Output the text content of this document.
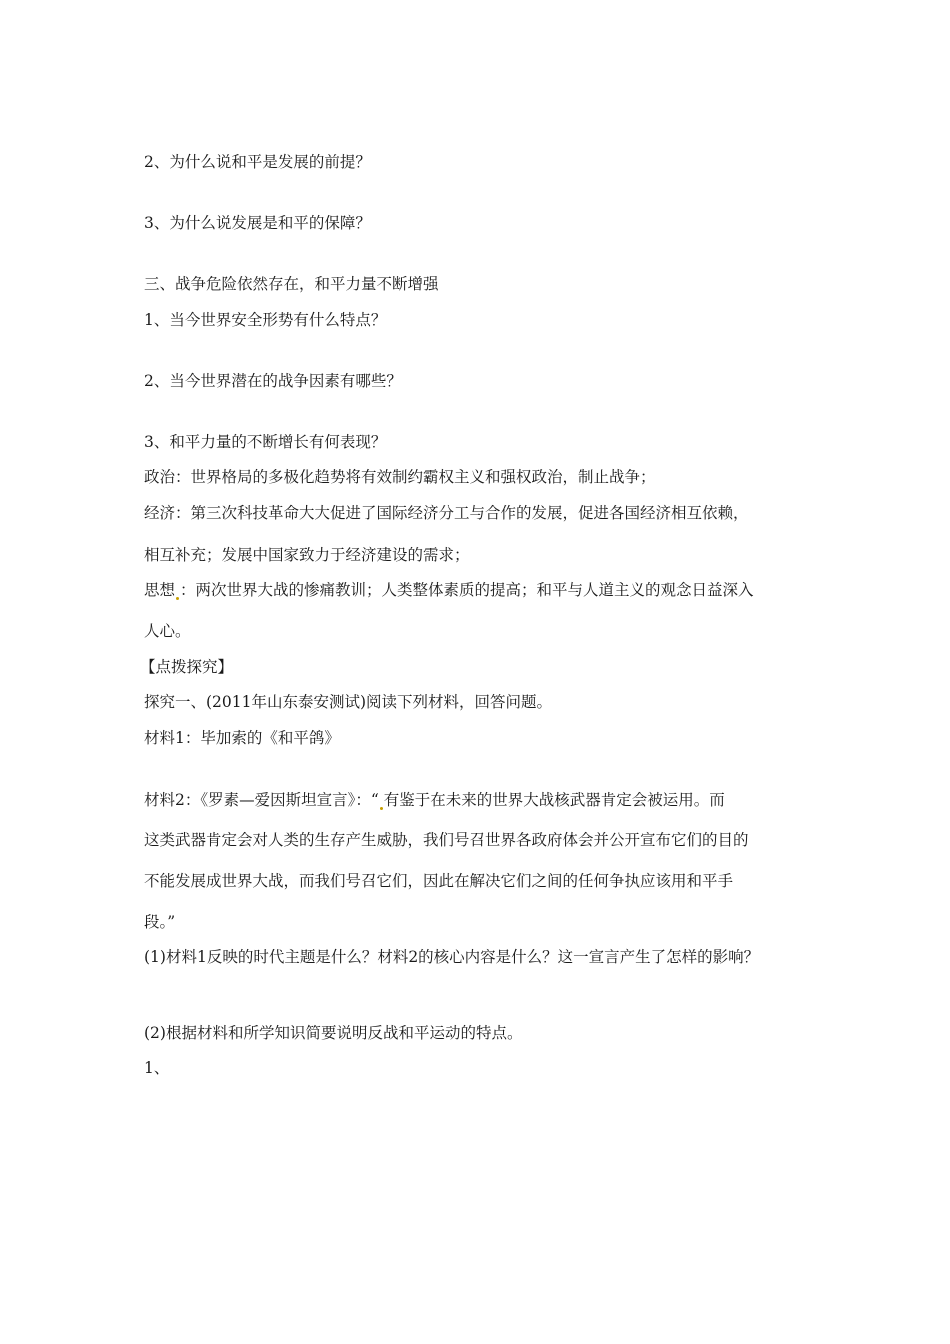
2、为什么说和平是发展的前提？
3、为什么说发展是和平的保障？
三、战争危险依然存在，和平力量不断增强
1、当今世界安全形势有什么特点？
2、当今世界潜在的战争因素有哪些？
3、和平力量的不断增长有何表现？
政治：世界格局的多极化趋势将有效制约霸权主义和强权政治，制止战争；
经济：第三次科技革命大大促进了国际经济分工与合作的发展，促进各国经济相互依赖，
相互补充；发展中国家致力于经济建设的需求；
思想 ：两次世界大战的惨痛教训；人类整体素质的提高；和平与人道主义的观念日益深入
人心。
【点拨探究】
探究一、(2011年山东泰安测试)阅读下列材料，回答问题。
材料1：毕加索的《和平鸽》
材料2：《罗素—爱因斯坦宣言》：“ 有鉴于在未来的世界大战核武器肯定会被运用。而
这类武器肯定会对人类的生存产生威胁，我们号召世界各政府体会并公开宣布它们的目的
不能发展成世界大战，而我们号召它们，因此在解决它们之间的任何争执应该用和平手
段。”
(1)材料1反映的时代主题是什么？材料2的核心内容是什么？这一宣言产生了怎样的影响？
(2)根据材料和所学知识简要说明反战和平运动的特点。
1、
